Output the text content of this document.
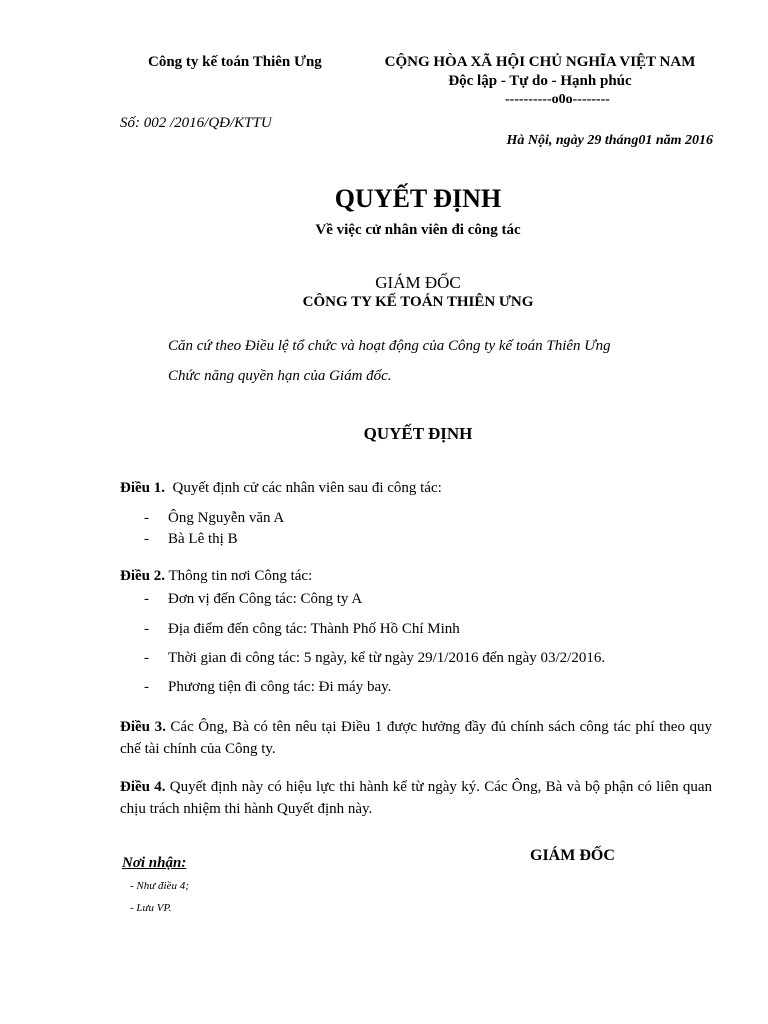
Công ty kế toán Thiên Ưng	CỘNG HÒA XÃ HỘI CHỦ NGHĨA VIỆT NAM
Độc lập - Tự do - Hạnh phúc
----------o0o--------
Số: 002 /2016/QĐ/KTTU
Hà Nội, ngày 29 tháng01 năm 2016
QUYẾT ĐỊNH
Về việc cử nhân viên đi công tác
GIÁM ĐỐC
CÔNG TY KẾ TOÁN THIÊN ƯNG
Căn cứ theo Điều lệ tổ chức và hoạt động của Công ty kế toán Thiên Ưng
Chức năng quyền hạn của Giám đốc.
QUYẾT ĐỊNH
Điều 1. Quyết định cử các nhân viên sau đi công tác:
- Ông Nguyễn văn A
- Bà Lê thị B
Điều 2. Thông tin nơi Công tác:
- Đơn vị đến Công tác: Công ty A
- Địa điểm đến công tác: Thành Phố Hồ Chí Minh
- Thời gian đi công tác: 5 ngày, kể từ ngày 29/1/2016 đến ngày 03/2/2016.
- Phương tiện đi công tác: Đi máy bay.
Điều 3. Các Ông, Bà có tên nêu tại Điều 1 được hưởng đầy đủ chính sách công tác phí theo quy chế tài chính của Công ty.
Điều 4. Quyết định này có hiệu lực thi hành kể từ ngày ký. Các Ông, Bà và bộ phận có liên quan chịu trách nhiệm thi hành Quyết định này.
Nơi nhận:
- Như điều 4;
- Lưu VP.
GIÁM ĐỐC
